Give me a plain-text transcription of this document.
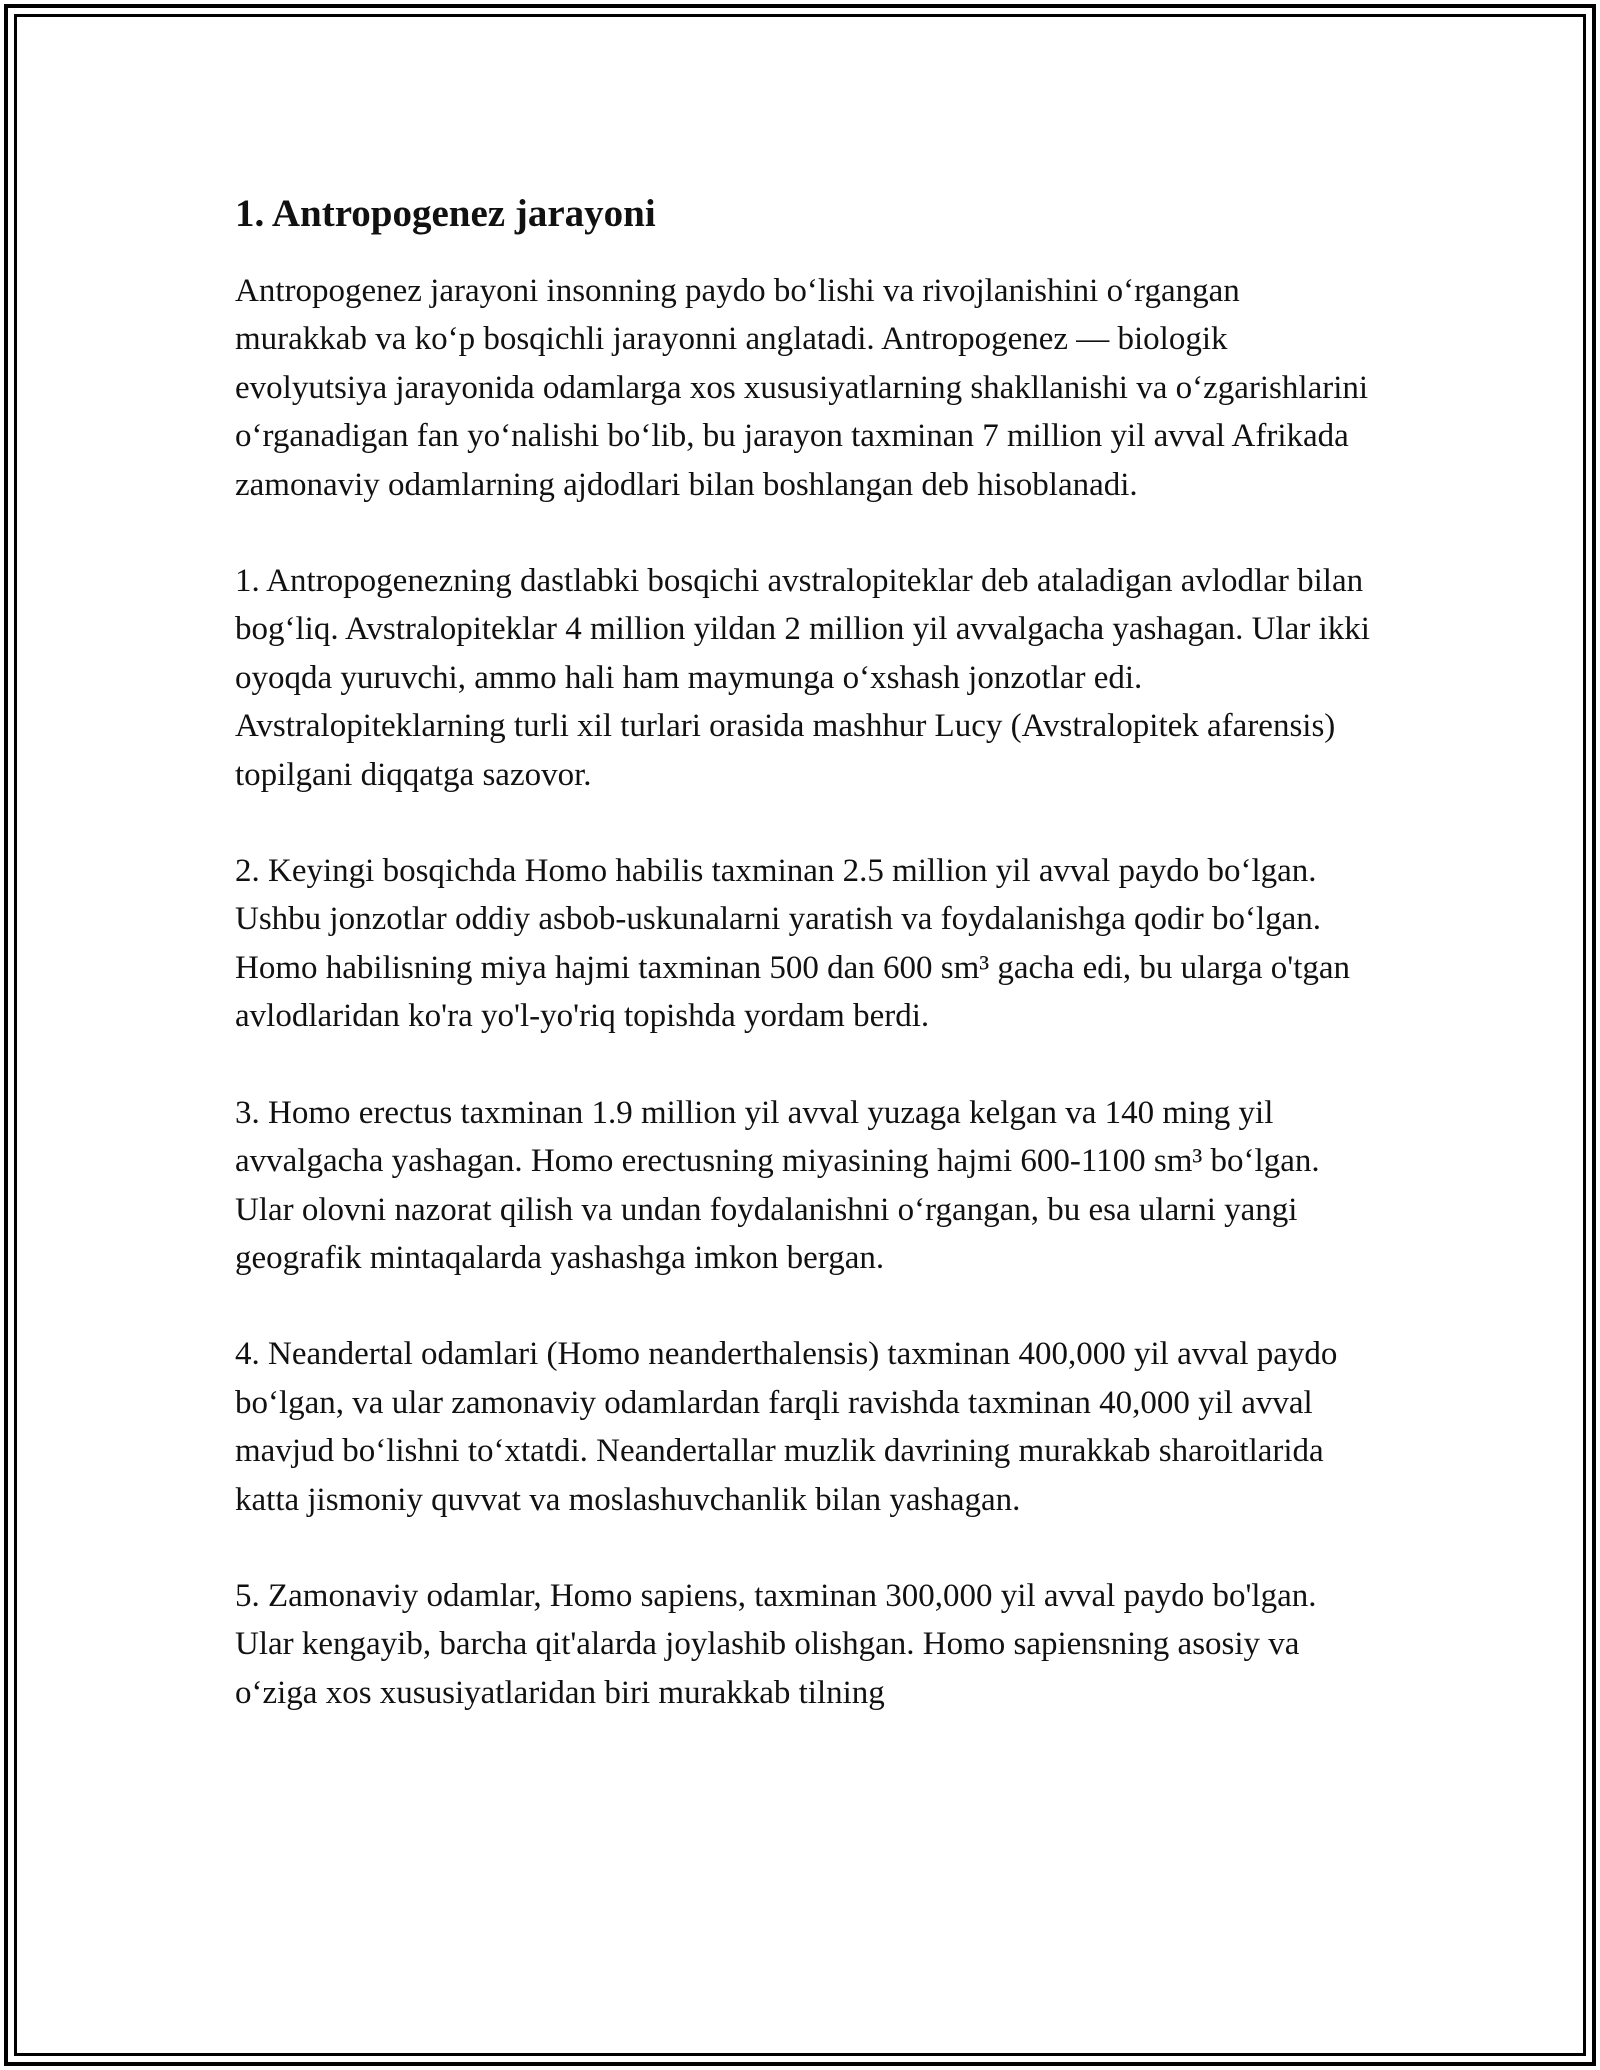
1. Antropogenez jarayoni

Antropogenez jarayoni insonning paydo bo‘lishi va rivojlanishini o‘rgangan murakkab va ko‘p bosqichli jarayonni anglatadi. Antropogenez — biologik evolyutsiya jarayonida odamlarga xos xususiyatlarning shakllanishi va o‘zgarishlarini o‘rganadigan fan yo‘nalishi bo‘lib, bu jarayon taxminan 7 million yil avval Afrikada zamonaviy odamlarning ajdodlari bilan boshlangan deb hisoblanadi.

1. Antropogenezning dastlabki bosqichi avstralopiteklar deb ataladigan avlodlar bilan bog‘liq. Avstralopiteklar 4 million yildan 2 million yil avvalgacha yashagan. Ular ikki oyoqda yuruvchi, ammo hali ham maymunga o‘xshash jonzotlar edi. Avstralopiteklarning turli xil turlari orasida mashhur Lucy (Avstralopitek afarensis) topilgani diqqatga sazovor.

2. Keyingi bosqichda Homo habilis taxminan 2.5 million yil avval paydo bo‘lgan. Ushbu jonzotlar oddiy asbob-uskunalarni yaratish va foydalanishga qodir bo‘lgan. Homo habilisning miya hajmi taxminan 500 dan 600 sm³ gacha edi, bu ularga o'tgan avlodlaridan ko'ra yo'l-yo'riq topishda yordam berdi.

3. Homo erectus taxminan 1.9 million yil avval yuzaga kelgan va 140 ming yil avvalgacha yashagan. Homo erectusning miyasining hajmi 600-1100 sm³ bo‘lgan. Ular olovni nazorat qilish va undan foydalanishni o‘rgangan, bu esa ularni yangi geografik mintaqalarda yashashga imkon bergan.

4. Neandertal odamlari (Homo neanderthalensis) taxminan 400,000 yil avval paydo bo‘lgan, va ular zamonaviy odamlardan farqli ravishda taxminan 40,000 yil avval mavjud bo‘lishni to‘xtatdi. Neandertallar muzlik davrining murakkab sharoitlarida katta jismoniy quvvat va moslashuvchanlik bilan yashagan.

5. Zamonaviy odamlar, Homo sapiens, taxminan 300,000 yil avval paydo bo'lgan. Ular kengayib, barcha qit'alarda joylashib olishgan. Homo sapiensning asosiy va o‘ziga xos xususiyatlaridan biri murakkab tilning
